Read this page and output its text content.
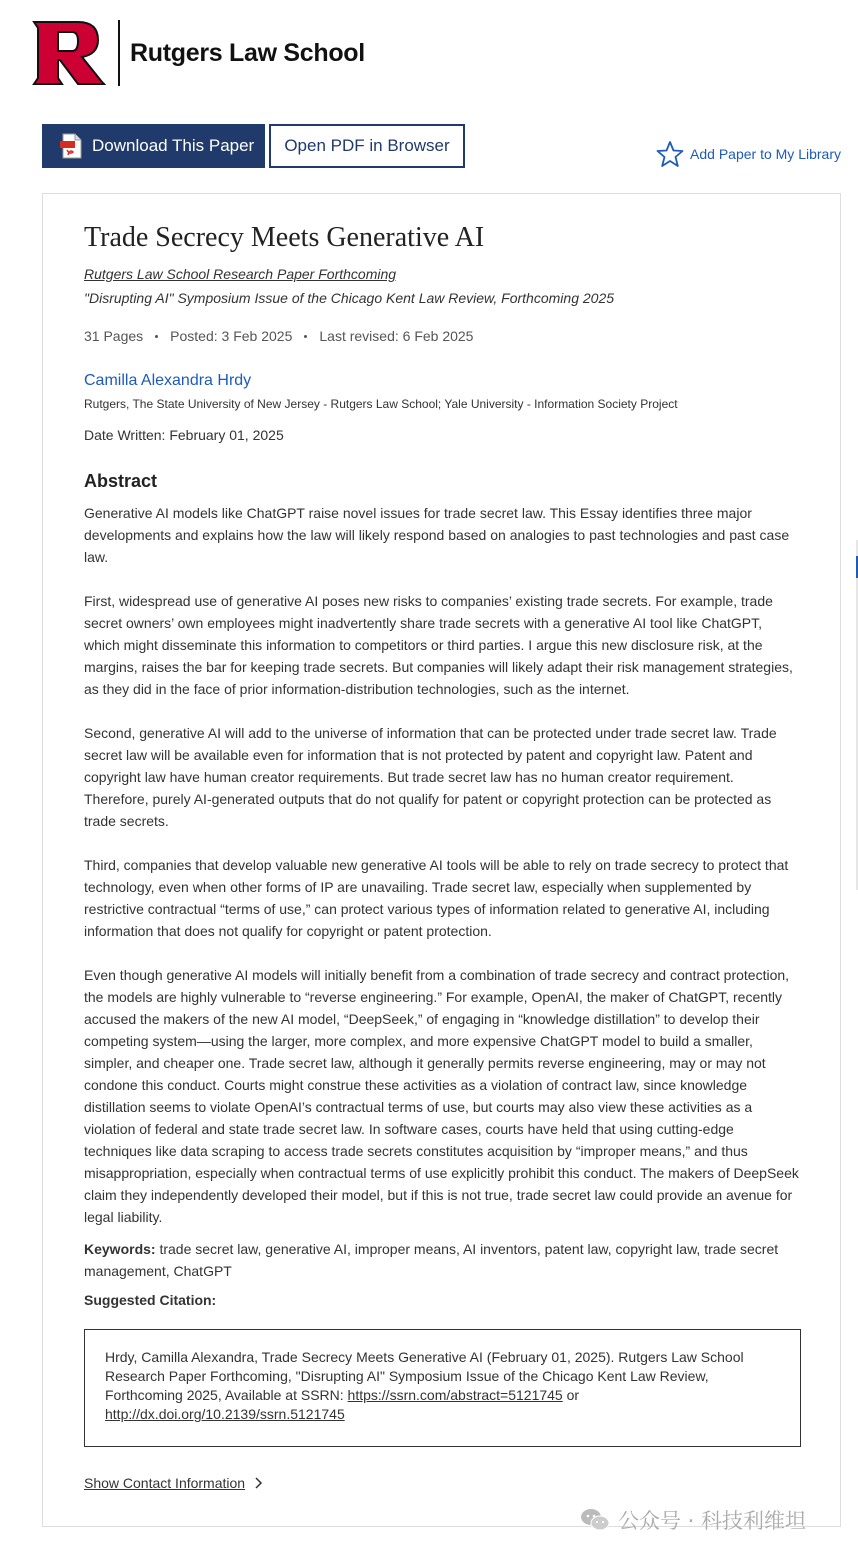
Rutgers Law School
Download This Paper Open PDF in Browser	Add Paper to My Library
Trade Secrecy Meets Generative AI
Rutgers Law School Research Paper Forthcoming
"Disrupting AI" Symposium Issue of the Chicago Kent Law Review, Forthcoming 2025
31 Pages Posted: 3 Feb 2025 Last revised: 6 Feb 2025
Camilla Alexandra Hrdy
Rutgers, The State University of New Jersey - Rutgers Law School; Yale University - Information Society Project
Date Written: February 01, 2025
Abstract

Generative AI models like ChatGPT raise novel issues for trade secret law. This Essay identifies three major developments and explains how the law will likely respond based on analogies to past technologies and past case law.

First, widespread use of generative AI poses new risks to companies’ existing trade secrets. For example, trade secret owners’ own employees might inadvertently share trade secrets with a generative AI tool like ChatGPT, which might disseminate this information to competitors or third parties. I argue this new disclosure risk, at the margins, raises the bar for keeping trade secrets. But companies will likely adapt their risk management strategies, as they did in the face of prior information-distribution technologies, such as the internet.

Second, generative AI will add to the universe of information that can be protected under trade secret law. Trade secret law will be available even for information that is not protected by patent and copyright law. Patent and copyright law have human creator requirements. But trade secret law has no human creator requirement. Therefore, purely AI-generated outputs that do not qualify for patent or copyright protection can be protected as trade secrets.

Third, companies that develop valuable new generative AI tools will be able to rely on trade secrecy to protect that technology, even when other forms of IP are unavailing. Trade secret law, especially when supplemented by restrictive contractual “terms of use,” can protect various types of information related to generative AI, including information that does not qualify for copyright or patent protection.

Even though generative AI models will initially benefit from a combination of trade secrecy and contract protection, the models are highly vulnerable to “reverse engineering.” For example, OpenAI, the maker of ChatGPT, recently accused the makers of the new AI model, “DeepSeek,” of engaging in “knowledge distillation” to develop their competing system—using the larger, more complex, and more expensive ChatGPT model to build a smaller, simpler, and cheaper one. Trade secret law, although it generally permits reverse engineering, may or may not condone this conduct. Courts might construe these activities as a violation of contract law, since knowledge distillation seems to violate OpenAI’s contractual terms of use, but courts may also view these activities as a violation of federal and state trade secret law. In software cases, courts have held that using cutting-edge techniques like data scraping to access trade secrets constitutes acquisition by “improper means,” and thus misappropriation, especially when contractual terms of use explicitly prohibit this conduct. The makers of DeepSeek claim they independently developed their model, but if this is not true, trade secret law could provide an avenue for legal liability.

Keywords: trade secret law, generative AI, improper means, AI inventors, patent law, copyright law, trade secret management, ChatGPT
Suggested Citation:
Hrdy, Camilla Alexandra, Trade Secrecy Meets Generative AI (February 01, 2025). Rutgers Law School Research Paper Forthcoming, "Disrupting AI" Symposium Issue of the Chicago Kent Law Review, Forthcoming 2025, Available at SSRN: https://ssrn.com/abstract=5121745 or http://dx.doi.org/10.2139/ssrn.5121745
Show Contact Information
公众号 · 科技利维坦
